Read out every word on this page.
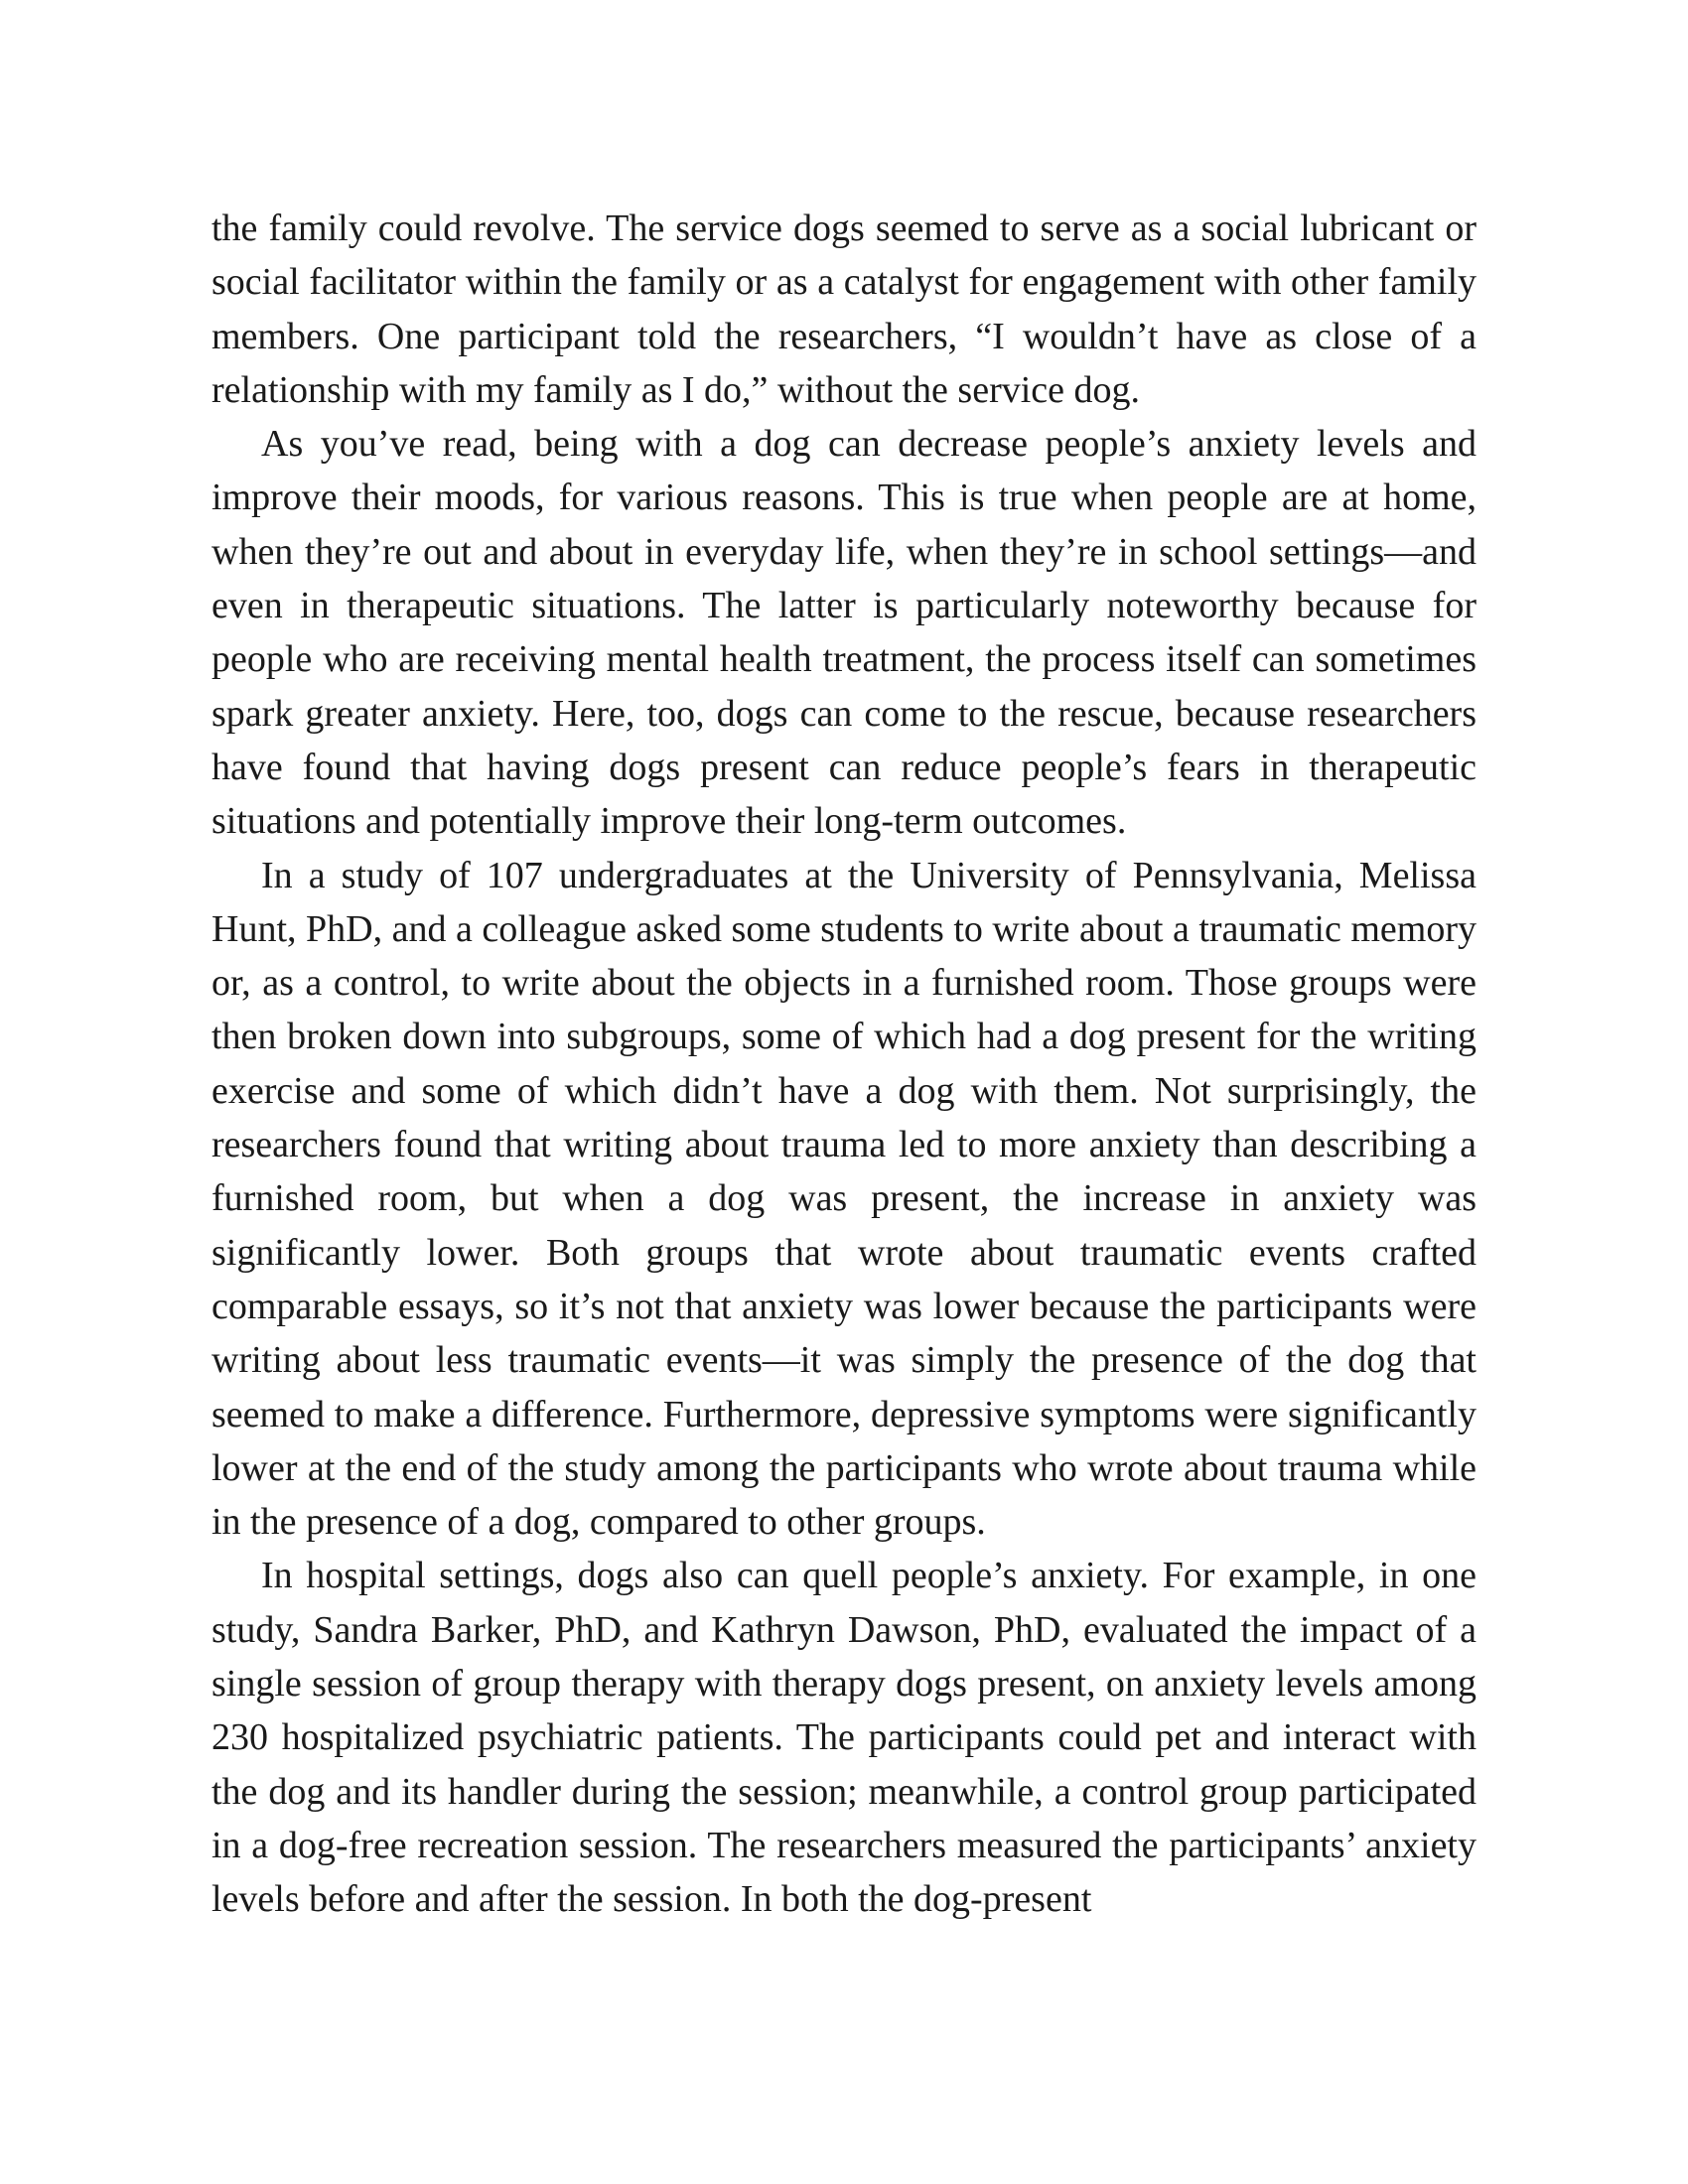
the family could revolve. The service dogs seemed to serve as a social lubricant or social facilitator within the family or as a catalyst for engagement with other family members. One participant told the researchers, “I wouldn’t have as close of a relationship with my family as I do,” without the service dog.

As you’ve read, being with a dog can decrease people’s anxiety levels and improve their moods, for various reasons. This is true when people are at home, when they’re out and about in everyday life, when they’re in school settings—and even in therapeutic situations. The latter is particularly noteworthy because for people who are receiving mental health treatment, the process itself can sometimes spark greater anxiety. Here, too, dogs can come to the rescue, because researchers have found that having dogs present can reduce people’s fears in therapeutic situations and potentially improve their long-term outcomes.

In a study of 107 undergraduates at the University of Pennsylvania, Melissa Hunt, PhD, and a colleague asked some students to write about a traumatic memory or, as a control, to write about the objects in a furnished room. Those groups were then broken down into subgroups, some of which had a dog present for the writing exercise and some of which didn’t have a dog with them. Not surprisingly, the researchers found that writing about trauma led to more anxiety than describing a furnished room, but when a dog was present, the increase in anxiety was significantly lower. Both groups that wrote about traumatic events crafted comparable essays, so it’s not that anxiety was lower because the participants were writing about less traumatic events—it was simply the presence of the dog that seemed to make a difference. Furthermore, depressive symptoms were significantly lower at the end of the study among the participants who wrote about trauma while in the presence of a dog, compared to other groups.

In hospital settings, dogs also can quell people’s anxiety. For example, in one study, Sandra Barker, PhD, and Kathryn Dawson, PhD, evaluated the impact of a single session of group therapy with therapy dogs present, on anxiety levels among 230 hospitalized psychiatric patients. The participants could pet and interact with the dog and its handler during the session; meanwhile, a control group participated in a dog-free recreation session. The researchers measured the participants’ anxiety levels before and after the session. In both the dog-present
